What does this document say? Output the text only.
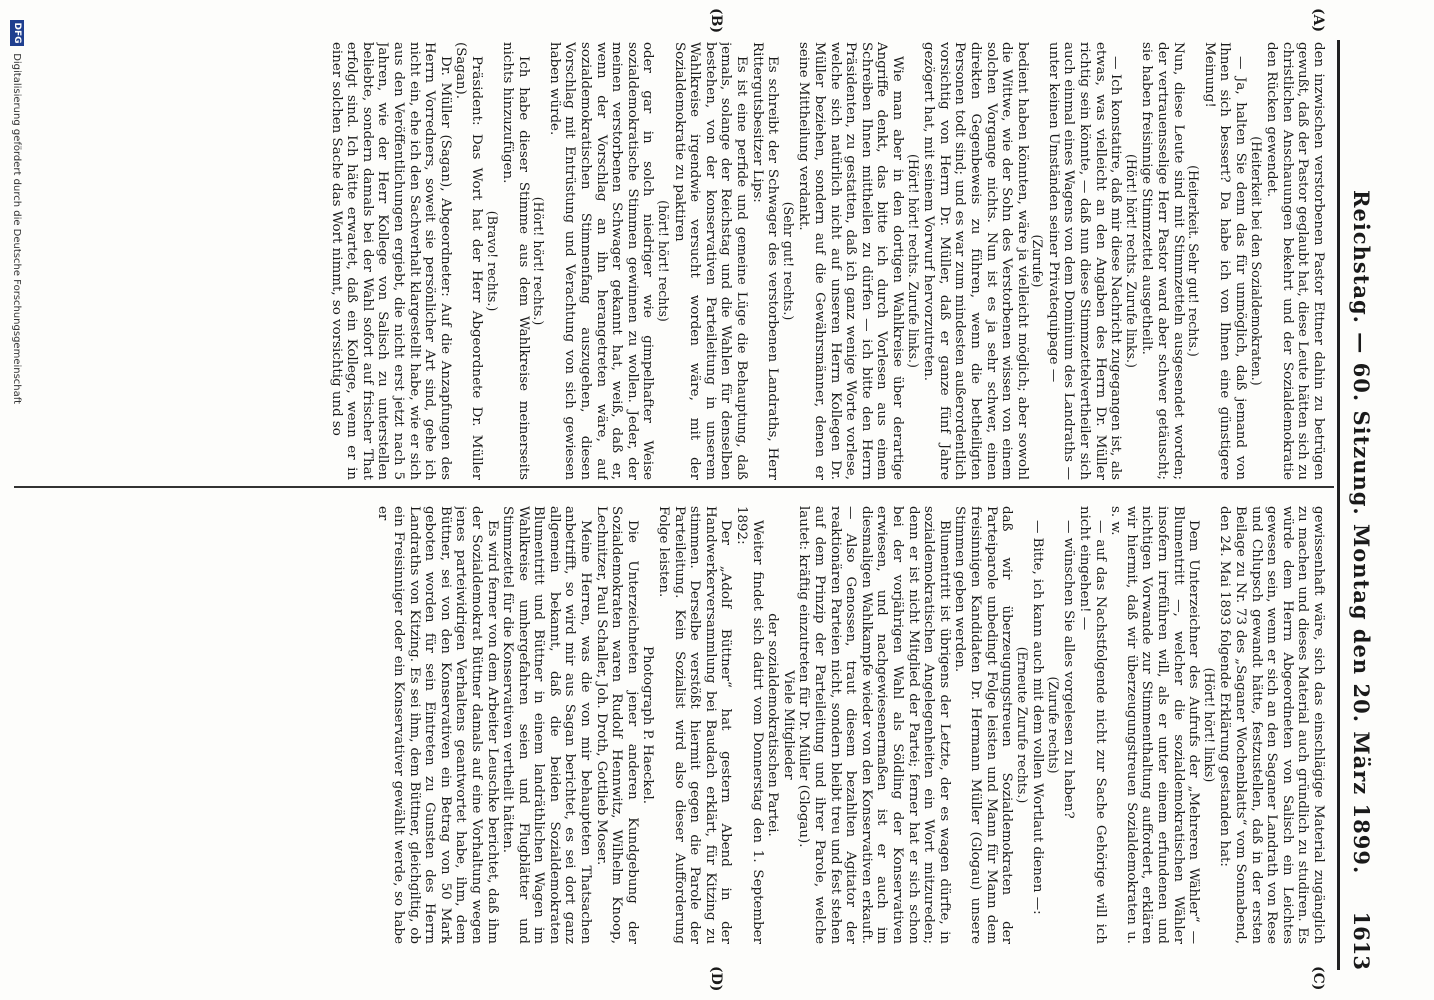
Reichstag. — 60. Sitzung. Montag den 20. März 1899.
1613
(A)
(B)
(C)
(D)

den inzwischen verstorbenen Pastor Ettner dahin zu betrügen gewußt, daß der Pastor geglaubt hat, diese Leute hätten sich zu christlichen Anschauungen bekehrt und der Sozialdemokratie den Rücken gewendet.

(Heiterkeit bei den Sozialdemokraten.)

— Ja, halten Sie denn das für unmöglich, daß jemand von Ihnen sich bessert? Da habe ich von Ihnen eine günstigere Meinung!

(Heiterkeit. Sehr gut! rechts.)

Nun, diese Leute sind mit Stimmzetteln ausgesendet worden; der vertrauensselige Herr Pastor ward aber schwer getäuscht; sie haben freisinnige Stimmzettel ausgetheilt.

(Hört! hört! rechts. Zurufe links.)

— Ich konstatire, daß mir diese Nachricht zugegangen ist, als etwas, was vielleicht an den Angaben des Herrn Dr. Müller richtig sein könnte, — daß nun diese Stimmzettelvertheiler sich auch einmal eines Wagens von dem Dominium des Landraths — unter keinen Umständen seiner Privatequipage —

(Zurufe)

bedient haben könnten, wäre ja vielleicht möglich; aber sowohl die Wittwe, wie der Sohn des Verstorbenen wissen von einem solchen Vorgange nichts. Nun ist es ja sehr schwer, einen direkten Gegenbeweis zu führen, wenn die betheiligten Personen todt sind; und es war zum mindesten außerordentlich vorsichtig von Herrn Dr. Müller, daß er ganze fünf Jahre gezögert hat, mit seinem Vorwurf hervorzutreten.

(Hört! hört! rechts. Zurufe links.)

Wie man aber in den dortigen Wahlkreise über derartige Angriffe denkt, das bitte ich durch Vorlesen aus einem Schreiben Ihnen mittheilen zu dürfen — ich bitte den Herrn Präsidenten, zu gestatten, daß ich ganz wenige Worte vorlese, welche sich natürlich nicht auf unseren Herrn Kollegen Dr. Müller beziehen, sondern auf die Gewährsmänner, denen er seine Mittheilung verdankt.

(Sehr gut! rechts.)

Es schreibt der Schwager des verstorbenen Landraths, Herr Rittergutsbesitzer Lips:

Es ist eine perfide und gemeine Lüge die Behauptung, daß jemals, solange der Reichstag und die Wahlen für denselben bestehen, von der konservativen Parteileitung in unserem Wahlkreise irgendwie versucht worden wäre, mit der Sozialdemokratie zu paktiren

(hört! hört! rechts)

oder gar in solch niedriger wie gimpelhafter Weise sozialdemokratische Stimmen gewinnen zu wollen. Jeder, der meinen verstorbenen Schwager gekannt hat, weiß, daß er, wenn der Vorschlag an ihn herangetreten wäre, auf sozialdemokratischen Stimmenfang auszugehen, diesen Vorschlag mit Entrüstung und Verachtung von sich gewiesen haben würde.

(Hört! hört! rechts.)

Ich habe dieser Stimme aus dem Wahlkreise meinerseits nichts hinzuzufügen.

(Bravo! rechts.)

Präsident: Das Wort hat der Herr Abgeordnete Dr. Müller (Sagan).

Dr. Müller (Sagan), Abgeordneter: Auf die Anzapfungen des Herrn Vorredners, soweit sie persönlicher Art sind, gehe ich nicht ein, ehe ich den Sachverhalt klargestellt habe, wie er sich aus den Veröffentlichungen ergiebt, die nicht erst jetzt nach 5 Jahren, wie der Herr Kollege von Salisch zu unterstellen beliebte, sondern damals bei der Wahl sofort auf frischer That erfolgt sind. Ich hätte erwartet, daß ein Kollege, wenn er in einer solchen Sache das Wort nimmt, so vorsichtig und so

gewissenhaft wäre, sich das einschlägige Material zugänglich zu machen und dieses Material auch gründlich zu studiren. Es würde dem Herrn Abgeordneten von Salisch ein Leichtes gewesen sein, wenn er sich an den Saganer Landrath von Rese und Chlupsch gewandt hätte, festzustellen, daß in der ersten Beilage zu Nr. 73 des „Saganer Wochenblatts“ vom Sonnabend, den 24. Mai 1893 folgende Erklärung gestanden hat:

(Hört! hört! links)

Dem Unterzeichner des Aufrufs der „Mehreren Wähler“ — Blumentritt —, welcher die sozialdemokratischen Wähler insofern irreführen will, als er unter einem erfundenen und nichtigen Vorwande zur Stimmenthaltung auffordert, erklären wir hiermit, daß wir überzeugungstreuen Sozialdemokraten u. s. w.

— auf das Nachstfolgende nicht zur Sache Gehörige will ich nicht eingehen! —

— wünschen Sie alles vorgelesen zu haben?

(Zurufe rechts)

— Bitte, ich kann auch mit dem vollen Wortlaut dienen —:

(Erneute Zurufe rechts.)

daß wir überzeugungstreuen Sozialdemokraten der Parteiparole unbedingt Folge leisten und Mann für Mann dem freisinnigen Kandidaten Dr. Hermann Müller (Glogau) unsere Stimmen geben werden.

Blumentritt ist übrigens der Letzte, der es wagen dürfte, in sozialdemokratischen Angelegenheiten ein Wort mitzureden; denn er ist nicht Mitglied der Partei; ferner hat er sich schon bei der vorjährigen Wahl als Söldling der Konservativen erwiesen, und nachgewiesenermaßen ist er auch im diesmaligen Wahlkampfe wieder von den Konservativen erkauft. — Also Genossen, traut diesem bezahlten Agitator der reaktionären Parteien nicht, sondern bleibt treu und fest stehen auf dem Prinzip der Parteileitung und ihrer Parole, welche lautet: kräftig einzutreten für Dr. Müller (Glogau).

Viele Mitglieder

der sozialdemokratischen Partei.

Weiter findet sich datirt vom Donnerstag den 1. September 1892:

Der „Adolf Büttner“ hat gestern Abend in der Handwerkerversammlung bei Baudach erklärt, für Kitzing zu stimmen. Derselbe verstößt hiermit gegen die Parole der Parteileitung. Kein Sozialist wird also dieser Aufforderung Folge leisten.

Photograph P. Haeckel.

Die Unterzeichneten jener anderen Kundgebung der Sozialdemokraten waren Rudolf Hennwitz, Wilhelm Knoop, Lechnitzer, Paul Schaller, Joh. Droth, Gottlieb Moser.

Meine Herren, was die von mir behaupteten Thatsachen anbetrifft, so wird mir aus Sagan berichtet, es sei dort ganz allgemein bekannt, daß die beiden Sozialdemokraten Blumentritt und Büttner in einem landräthlichen Wagen im Wahlkreise umhergefahren seien und Flugblätter und Stimmzettel für die Konservativen vertheilt hätten.

Es wird ferner von dem Arbeiter Leuschke berichtet, daß ihm der Sozialdemokrat Büttner damals auf eine Vorhaltung wegen jenes parteiwidrigen Verhaltens geantwortet habe, ihm, dem Büttner, sei von den Konservativen ein Betrag von 50 Mark geboten worden für sein Eintreten zu Gunsten des Herrn Landraths von Kitzing. Es sei ihm, dem Büttner, gleichgiltig, ob ein Freisinniger oder ein Konservativer gewählt werde, so habe er

DFG Digitalisierung gefördert durch die Deutsche Forschungsgemeinschaft
